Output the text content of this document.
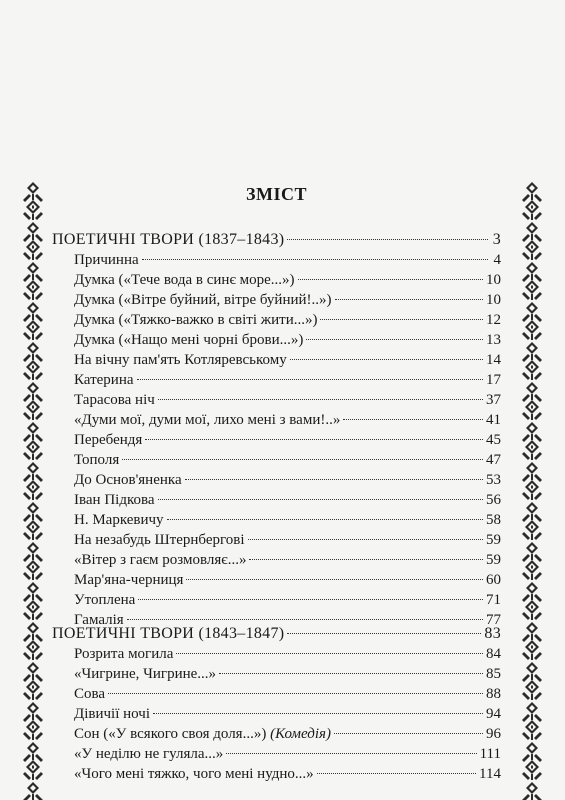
ЗМІСТ
ПОЕТИЧНІ ТВОРИ (1837–1843)	3
Причинна	4
Думка («Тече вода в синє море...»)	10
Думка («Вітре буйний, вітре буйний!..»)	10
Думка («Тяжко-важко в світі жити...»)	12
Думка («Нащо мені чорні брови...»)	13
На вічну пам'ять Котляревському	14
Катерина	17
Тарасова ніч	37
«Думи мої, думи мої, лихо мені з вами!..»	41
Перебендя	45
Тополя	47
До Основ'яненка	53
Іван Підкова	56
Н. Маркевичу	58
На незабудь Штернбергові	59
«Вітер з гаєм розмовляє...»	59
Мар'яна-черниця	60
Утоплена	71
Гамалія	77
ПОЕТИЧНІ ТВОРИ (1843–1847)	83
Розрита могила	84
«Чигрине, Чигрине...»	85
Сова	88
Дівичії ночі	94
Сон («У всякого своя доля...») (Комедія)	96
«У неділю не гуляла...»	111
«Чого мені тяжко, чого мені нудно...»	114
